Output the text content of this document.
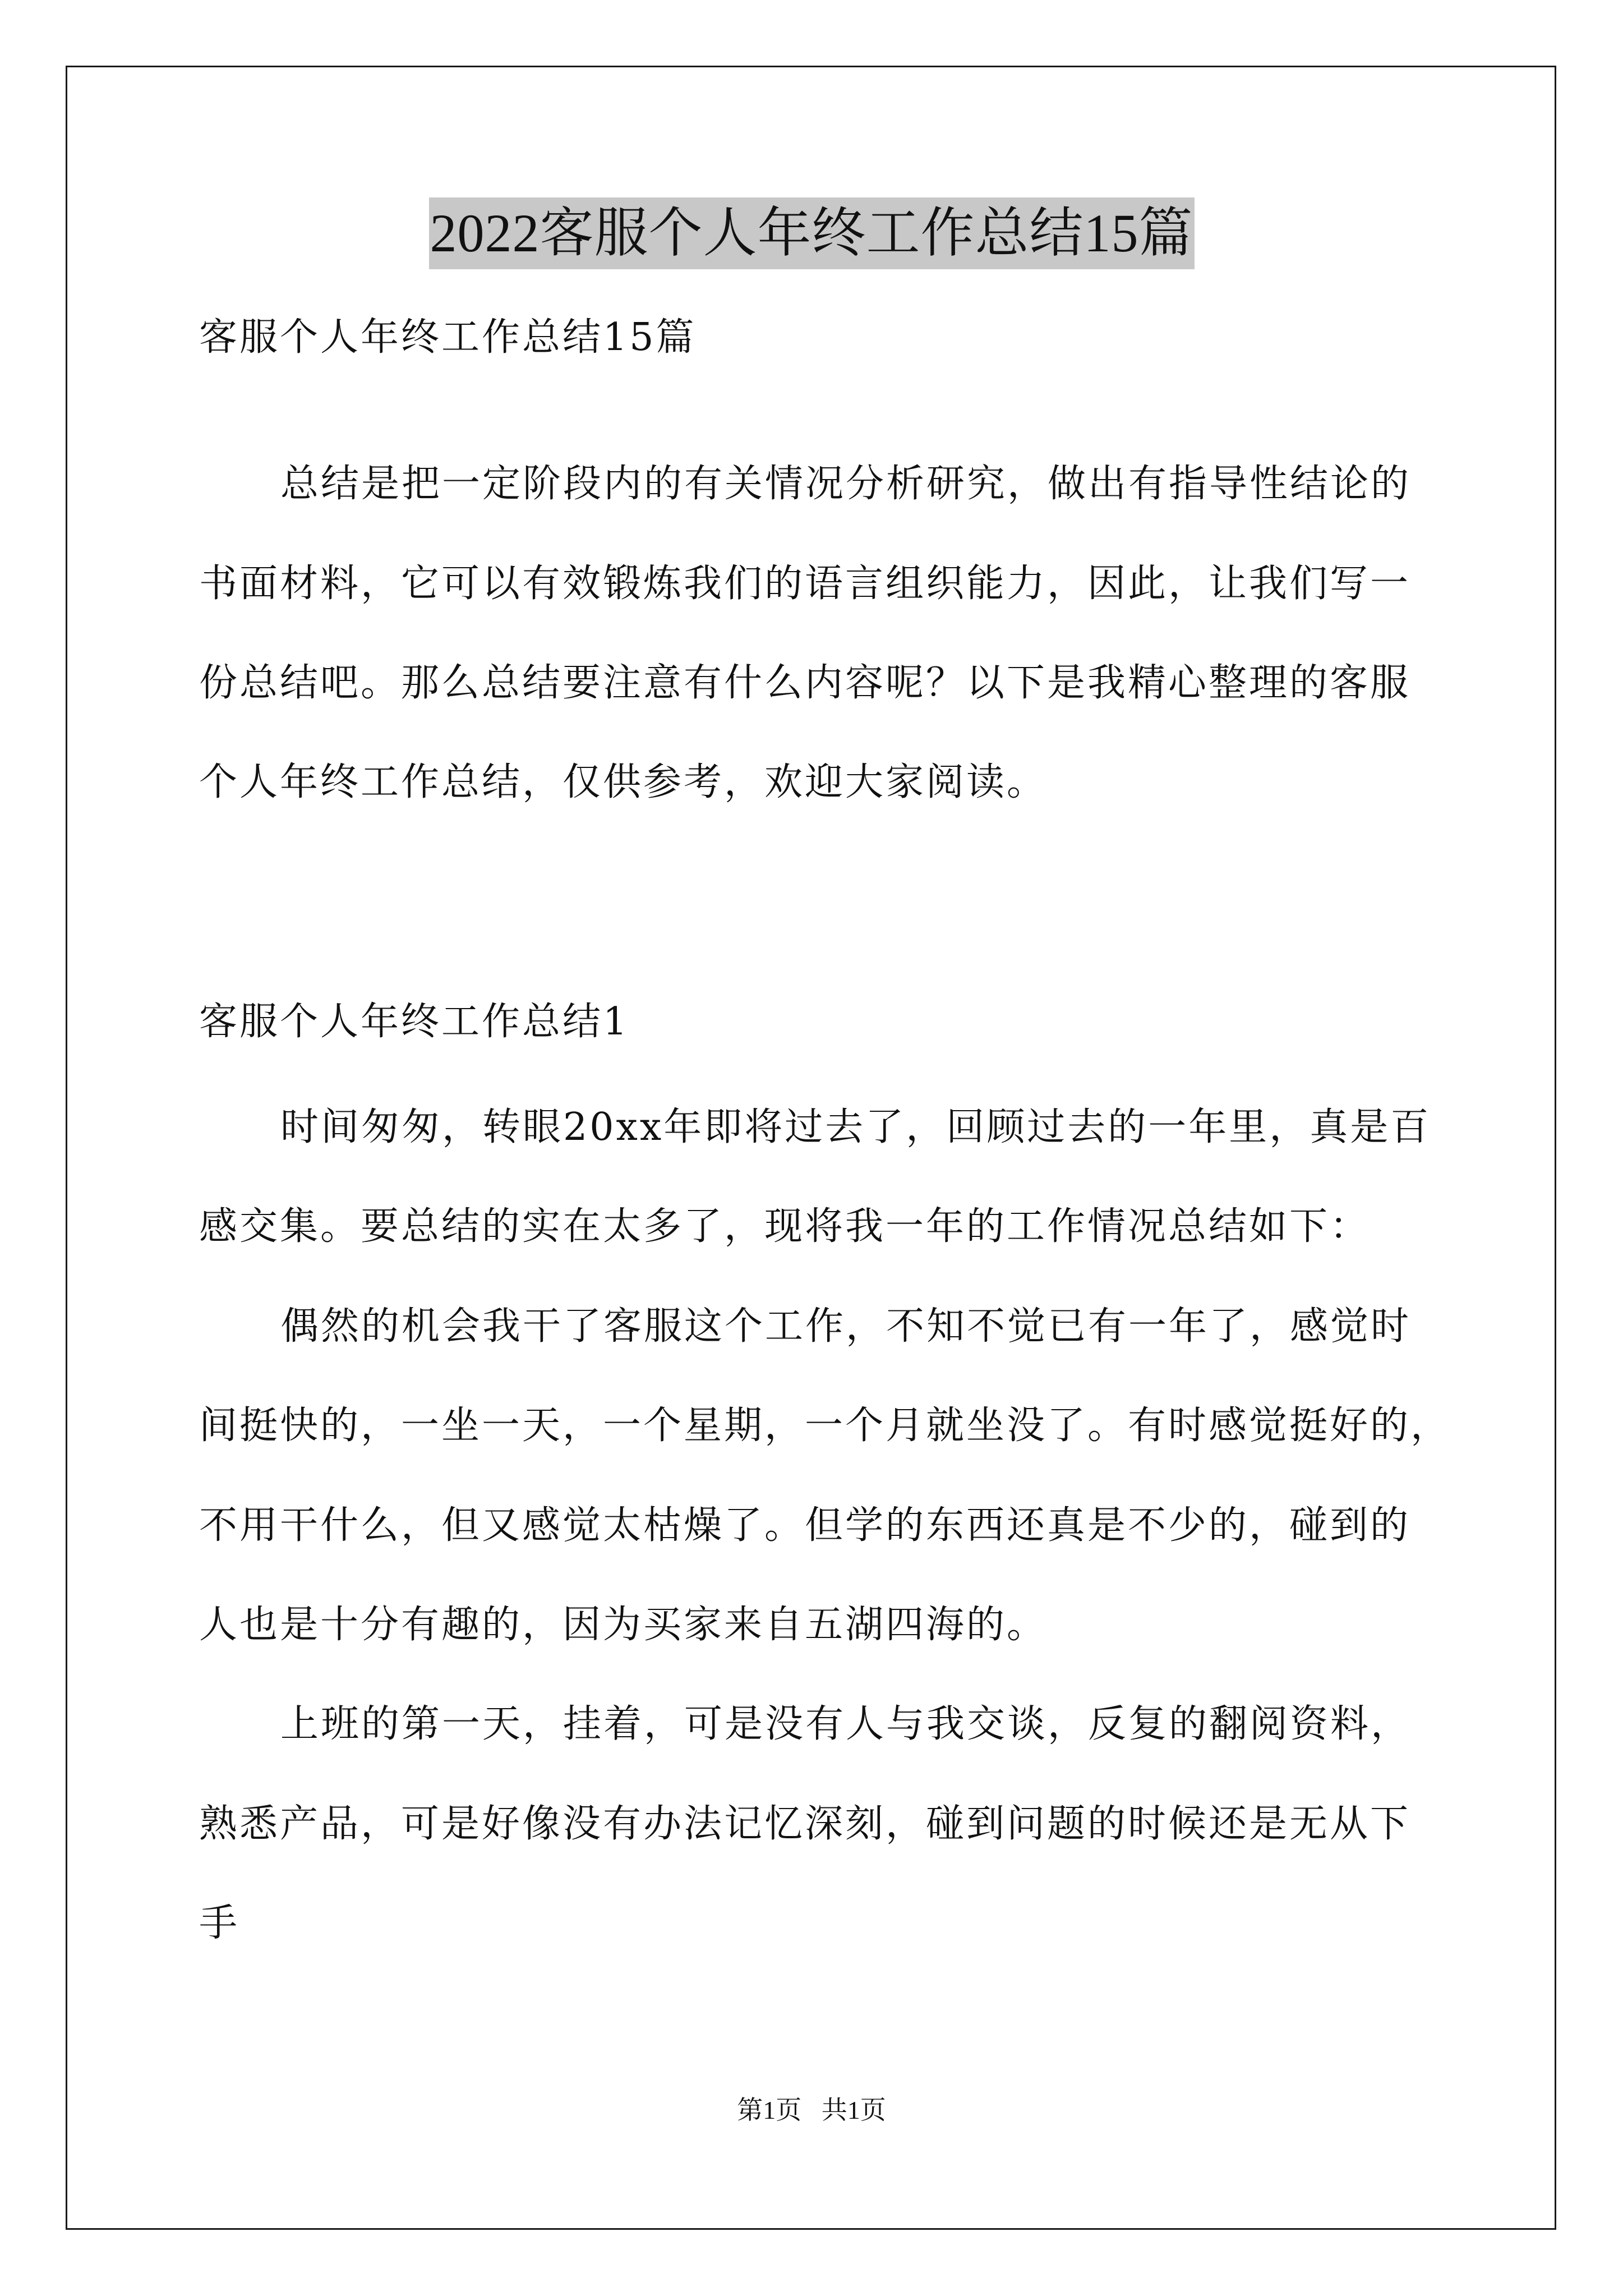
2022客服个人年终工作总结15篇
客服个人年终工作总结15篇
总结是把一定阶段内的有关情况分析研究，做出有指导性结论的
书面材料，它可以有效锻炼我们的语言组织能力，因此，让我们写一
份总结吧。那么总结要注意有什么内容呢？以下是我精心整理的客服
个人年终工作总结，仅供参考，欢迎大家阅读。
客服个人年终工作总结1
时间匆匆，转眼20xx年即将过去了，回顾过去的一年里，真是百
感交集。要总结的实在太多了，现将我一年的工作情况总结如下：
偶然的机会我干了客服这个工作，不知不觉已有一年了，感觉时
间挺快的，一坐一天，一个星期，一个月就坐没了。有时感觉挺好的，
不用干什么，但又感觉太枯燥了。但学的东西还真是不少的，碰到的
人也是十分有趣的，因为买家来自五湖四海的。
上班的第一天，挂着，可是没有人与我交谈，反复的翻阅资料，
熟悉产品，可是好像没有办法记忆深刻，碰到问题的时候还是无从下
手
第1页 共1页
